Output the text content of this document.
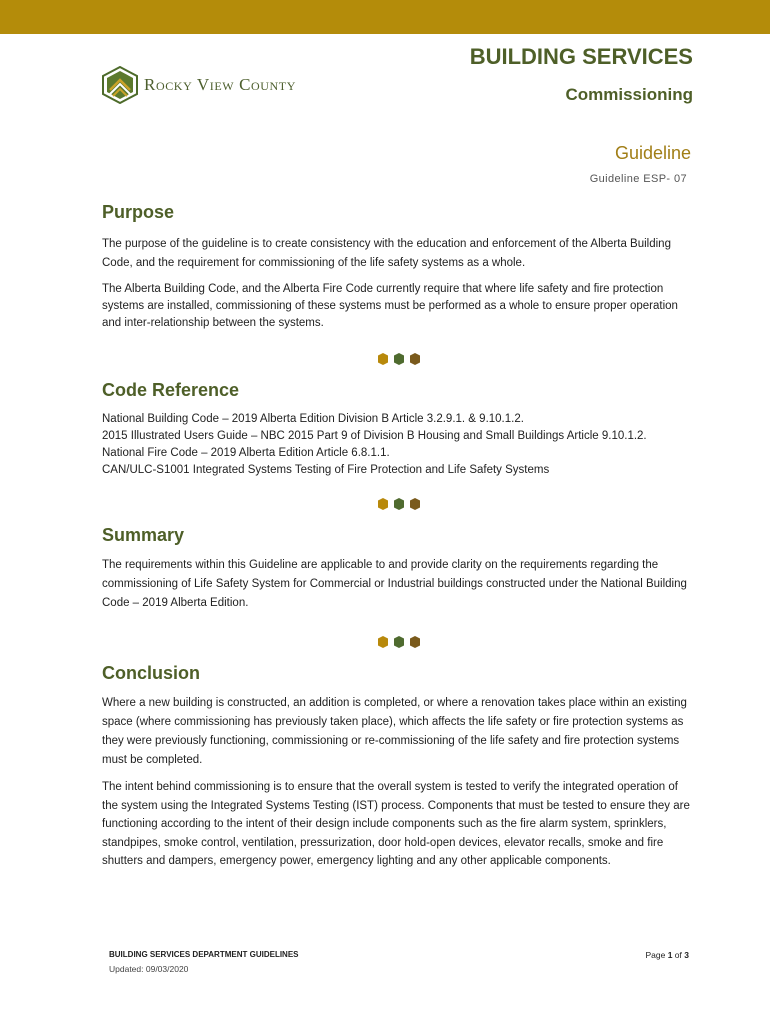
Rocky View County
BUILDING SERVICES
Commissioning
Guideline
Guideline ESP- 07
Purpose

The purpose of the guideline is to create consistency with the education and enforcement of the Alberta Building Code, and the requirement for commissioning of the life safety systems as a whole.

The Alberta Building Code, and the Alberta Fire Code currently require that where life safety and fire protection systems are installed, commissioning of these systems must be performed as a whole to ensure proper operation and inter-relationship between the systems.

Code Reference

National Building Code – 2019 Alberta Edition Division B Article 3.2.9.1. & 9.10.1.2.

2015 Illustrated Users Guide – NBC 2015 Part 9 of Division B Housing and Small Buildings Article 9.10.1.2.

National Fire Code – 2019 Alberta Edition Article 6.8.1.1.

CAN/ULC-S1001 Integrated Systems Testing of Fire Protection and Life Safety Systems

Summary

The requirements within this Guideline are applicable to and provide clarity on the requirements regarding the commissioning of Life Safety System for Commercial or Industrial buildings constructed under the National Building Code – 2019 Alberta Edition.

Conclusion

Where a new building is constructed, an addition is completed, or where a renovation takes place within an existing space (where commissioning has previously taken place), which affects the life safety or fire protection systems as they were previously functioning, commissioning or re-commissioning of the life safety and fire protection systems must be completed.

The intent behind commissioning is to ensure that the overall system is tested to verify the integrated operation of the system using the Integrated Systems Testing (IST) process. Components that must be tested to ensure they are functioning according to the intent of their design include components such as the fire alarm system, sprinklers, standpipes, smoke control, ventilation, pressurization, door hold-open devices, elevator recalls, smoke and fire shutters and dampers, emergency power, emergency lighting and any other applicable components.

BUILDING SERVICES DEPARTMENT GUIDELINES
Updated: 09/03/2020
Page 1 of 3
